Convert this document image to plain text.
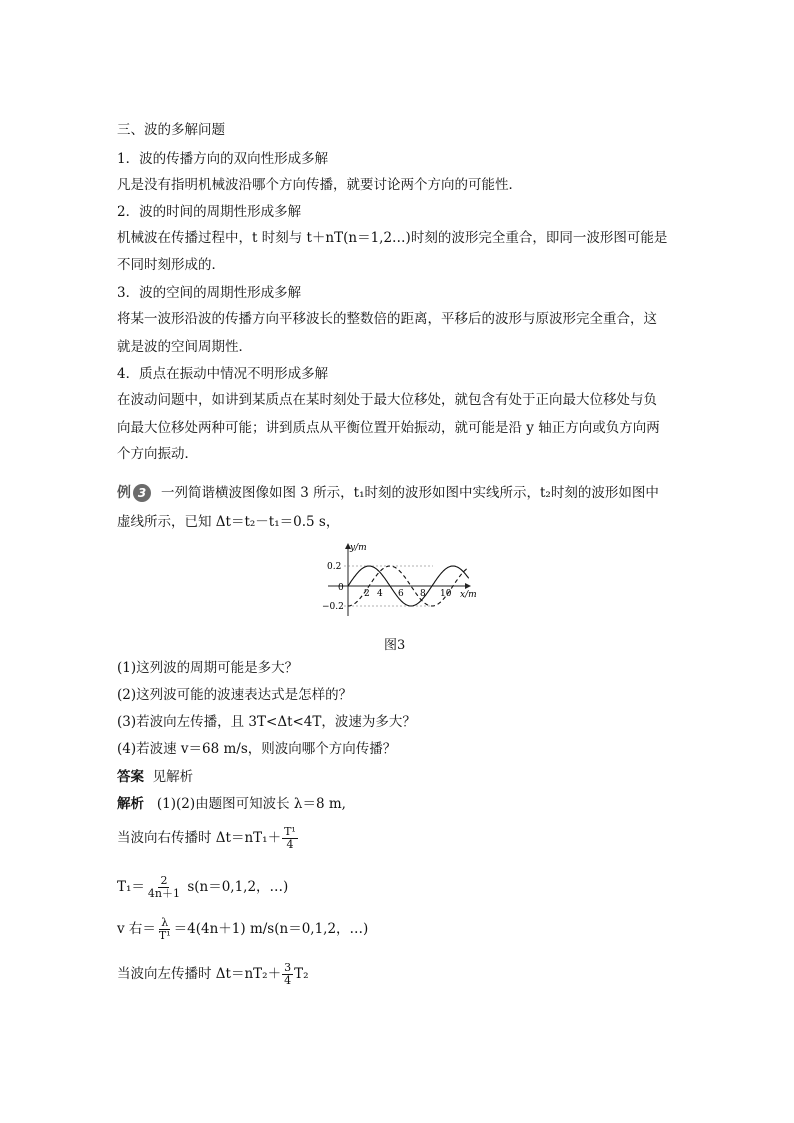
三、波的多解问题
1．波的传播方向的双向性形成多解
凡是没有指明机械波沿哪个方向传播，就要讨论两个方向的可能性．
2．波的时间的周期性形成多解
机械波在传播过程中，t 时刻与 t＋nT(n＝1,2…)时刻的波形完全重合，即同一波形图可能是
不同时刻形成的．
3．波的空间的周期性形成多解
将某一波形沿波的传播方向平移波长的整数倍的距离，平移后的波形与原波形完全重合，这
就是波的空间周期性．
4．质点在振动中情况不明形成多解
在波动问题中，如讲到某质点在某时刻处于最大位移处，就包含有处于正向最大位移处与负
向最大位移处两种可能；讲到质点从平衡位置开始振动，就可能是沿 y 轴正方向或负方向两
个方向振动．
例 3	一列简谐横波图像如图 3 所示，t₁时刻的波形如图中实线所示，t₂时刻的波形如图中
虚线所示，已知 Δt＝t₂－t₁＝0.5 s，
y/m
x/m
0.2
0
−0.2
2 4 6 8 10
图3
(1)这列波的周期可能是多大？
(2)这列波可能的波速表达式是怎样的？
(3)若波向左传播，且 3T<Δt<4T，波速为多大？
(4)若波速 v＝68 m/s，则波向哪个方向传播？
答案 见解析
解析 (1)(2)由题图可知波长 λ＝8 m,
当波向右传播时 $\Delta t=nT_1+ \frac{\text{T¹}}{4}$
$T_1= \frac{2}{4n+1} s(n=0,1,2$，…)
v 右＝ $\frac{\lambda}{\text{T¹}} =4(4n+1)$ m/s(n＝0,1,2，…)
当波向左传播时 $\Delta t=nT_2+ \frac{3}{4} T_2$
